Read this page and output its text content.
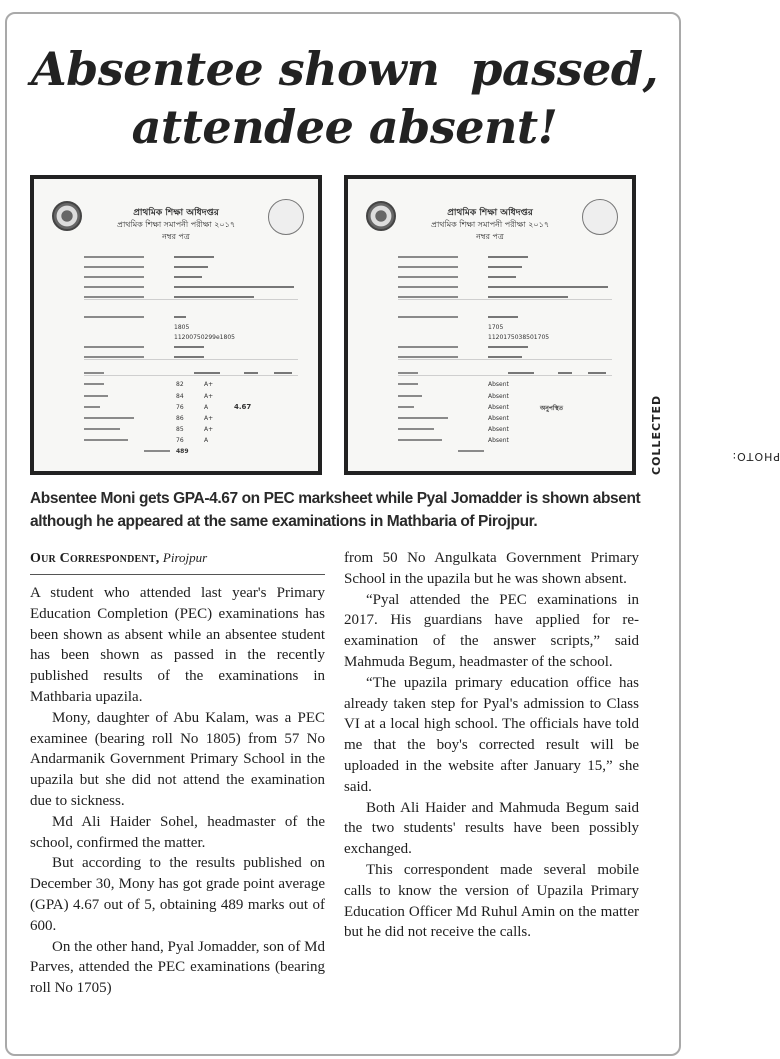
Absentee shown  passed,
attendee absent!
প্রাথমিক শিক্ষা অধিদপ্তর
প্রাথমিক শিক্ষা সমাপনী পরীক্ষা ২০১৭
নম্বর পত্র
1805
11200750299e1805
82	A+
84	A+
76	A	4.67
86	A+
85	A+
76	A
489
প্রাথমিক শিক্ষা অধিদপ্তর
প্রাথমিক শিক্ষা সমাপনী পরীক্ষা ২০১৭
নম্বর পত্র
1705
1120175038501705
Absent
Absent
Absent	অনুপস্থিত
Absent
Absent
Absent
PHOTO:
COLLECTED
Absentee Moni gets GPA-4.67 on PEC marksheet while Pyal Jomadder is shown absent although he appeared at the same examinations in Mathbaria of Pirojpur.
Our Correspondent, Pirojpur

A student who attended last year's Primary Education Completion (PEC) examinations has been shown as absent while an absentee student has been shown as passed in the recently published results of the examinations in Mathbaria upazila.

Mony, daughter of Abu Kalam, was a PEC examinee (bearing roll No 1805) from 57 No Andarmanik Government Primary School in the upazila but she did not attend the examination due to sickness.

Md Ali Haider Sohel, headmaster of the school, confirmed the matter.

But according to the results published on December 30, Mony has got grade point average (GPA) 4.67 out of 5, obtaining 489 marks out of 600.

On the other hand, Pyal Jomadder, son of Md Parves, attended the PEC examinations (bearing roll No 1705)

from 50 No Angulkata Government Primary School in the upazila but he was shown absent.

“Pyal attended the PEC examinations in 2017. His guardians have applied for re-examination of the answer scripts,” said Mahmuda Begum, headmaster of the school.

“The upazila primary education office has already taken step for Pyal's admission to Class VI at a local high school. The officials have told me that the boy's corrected result will be uploaded in the website after January 15,” she said.

Both Ali Haider and Mahmuda Begum said the two students' results have been possibly exchanged.

This correspondent made several mobile calls to know the version of Upazila Primary Education Officer Md Ruhul Amin on the matter but he did not receive the calls.
